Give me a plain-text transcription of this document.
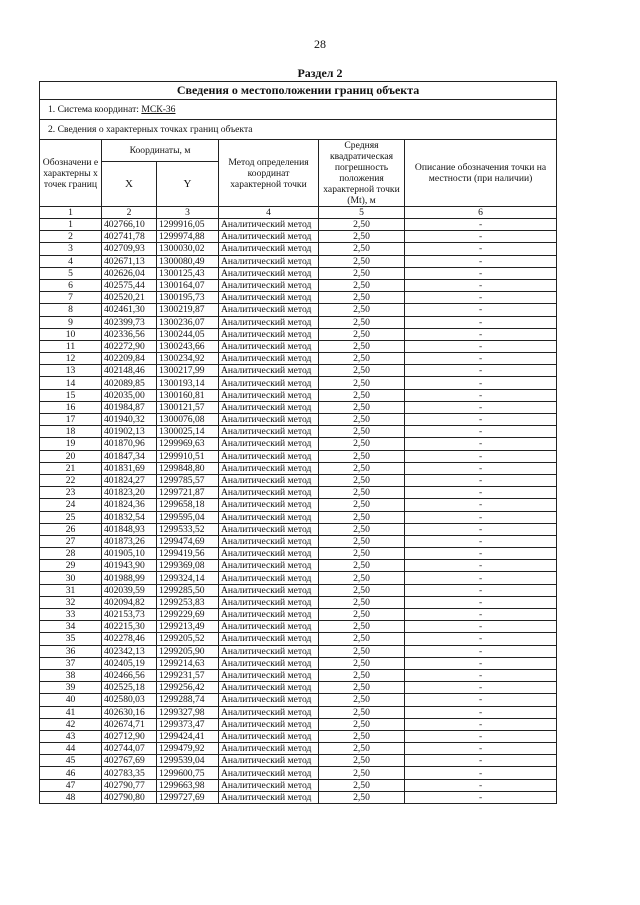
28
Раздел 2
Сведения о местоположении границ объекта					
1. Система координат: МСК-36					
2. Сведения о характерных точках границ объекта					
Обозначени е характерны х точек границ	Координаты, м		Метод определения координат характерной точки	Средняя квадратическая погрешность положения характерной точки (Mt), м	Описание обозначения точки на местности (при наличии)
	X	Y			
1	2	3	4	5	6
1	402766,10	1299916,05	Аналитический метод	2,50	-
2	402741,78	1299974,88	Аналитический метод	2,50	-
3	402709,93	1300030,02	Аналитический метод	2,50	-
4	402671,13	1300080,49	Аналитический метод	2,50	-
5	402626,04	1300125,43	Аналитический метод	2,50	-
6	402575,44	1300164,07	Аналитический метод	2,50	-
7	402520,21	1300195,73	Аналитический метод	2,50	-
8	402461,30	1300219,87	Аналитический метод	2,50	-
9	402399,73	1300236,07	Аналитический метод	2,50	-
10	402336,56	1300244,05	Аналитический метод	2,50	-
11	402272,90	1300243,66	Аналитический метод	2,50	-
12	402209,84	1300234,92	Аналитический метод	2,50	-
13	402148,46	1300217,99	Аналитический метод	2,50	-
14	402089,85	1300193,14	Аналитический метод	2,50	-
15	402035,00	1300160,81	Аналитический метод	2,50	-
16	401984,87	1300121,57	Аналитический метод	2,50	-
17	401940,32	1300076,08	Аналитический метод	2,50	-
18	401902,13	1300025,14	Аналитический метод	2,50	-
19	401870,96	1299969,63	Аналитический метод	2,50	-
20	401847,34	1299910,51	Аналитический метод	2,50	-
21	401831,69	1299848,80	Аналитический метод	2,50	-
22	401824,27	1299785,57	Аналитический метод	2,50	-
23	401823,20	1299721,87	Аналитический метод	2,50	-
24	401824,36	1299658,18	Аналитический метод	2,50	-
25	401832,54	1299595,04	Аналитический метод	2,50	-
26	401848,93	1299533,52	Аналитический метод	2,50	-
27	401873,26	1299474,69	Аналитический метод	2,50	-
28	401905,10	1299419,56	Аналитический метод	2,50	-
29	401943,90	1299369,08	Аналитический метод	2,50	-
30	401988,99	1299324,14	Аналитический метод	2,50	-
31	402039,59	1299285,50	Аналитический метод	2,50	-
32	402094,82	1299253,83	Аналитический метод	2,50	-
33	402153,73	1299229,69	Аналитический метод	2,50	-
34	402215,30	1299213,49	Аналитический метод	2,50	-
35	402278,46	1299205,52	Аналитический метод	2,50	-
36	402342,13	1299205,90	Аналитический метод	2,50	-
37	402405,19	1299214,63	Аналитический метод	2,50	-
38	402466,56	1299231,57	Аналитический метод	2,50	-
39	402525,18	1299256,42	Аналитический метод	2,50	-
40	402580,03	1299288,74	Аналитический метод	2,50	-
41	402630,16	1299327,98	Аналитический метод	2,50	-
42	402674,71	1299373,47	Аналитический метод	2,50	-
43	402712,90	1299424,41	Аналитический метод	2,50	-
44	402744,07	1299479,92	Аналитический метод	2,50	-
45	402767,69	1299539,04	Аналитический метод	2,50	-
46	402783,35	1299600,75	Аналитический метод	2,50	-
47	402790,77	1299663,98	Аналитический метод	2,50	-
48	402790,80	1299727,69	Аналитический метод	2,50	-
